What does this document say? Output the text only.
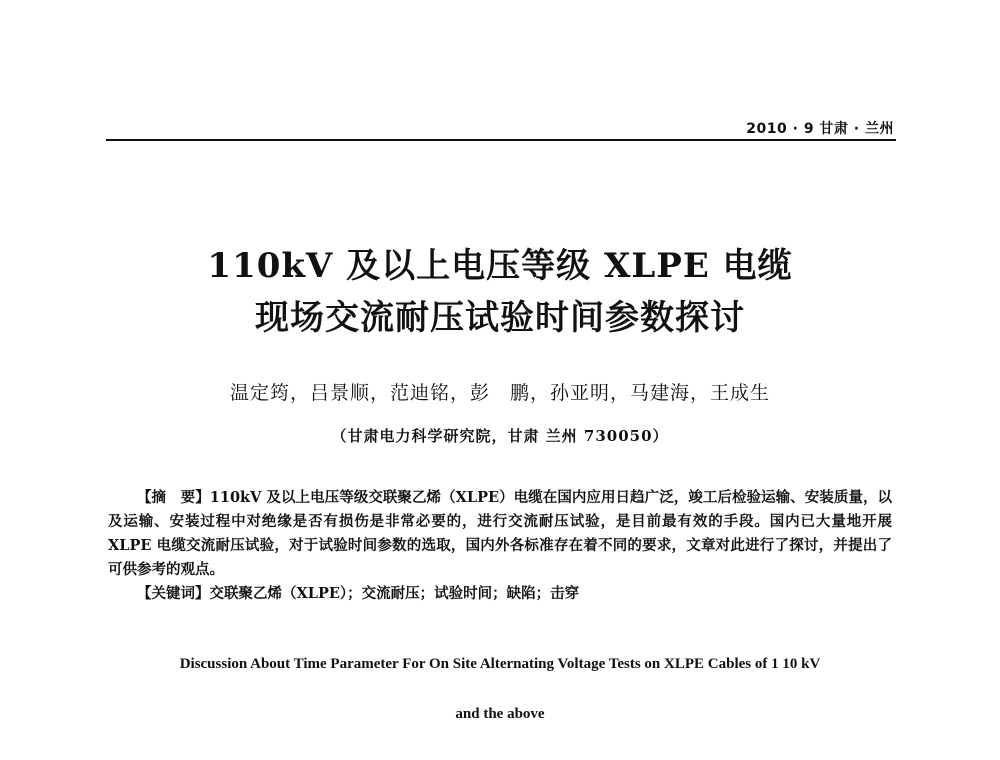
2010 · 9 甘肃 · 兰州
110kV 及以上电压等级 XLPE 电缆
现场交流耐压试验时间参数探讨
温定筠，吕景顺，范迪铭，彭　鹏，孙亚明，马建海，王成生
（甘肃电力科学研究院，甘肃 兰州 730050）

【摘　要】110kV 及以上电压等级交联聚乙烯（XLPE）电缆在国内应用日趋广泛，竣工后检验运输、安装质量，以及运输、安装过程中对绝缘是否有损伤是非常必要的，进行交流耐压试验，是目前最有效的手段。国内已大量地开展 XLPE 电缆交流耐压试验，对于试验时间参数的选取，国内外各标准存在着不同的要求，文章对此进行了探讨，并提出了可供参考的观点。

【关键词】交联聚乙烯（XLPE）；交流耐压；试验时间；缺陷；击穿

Discussion About Time Parameter For On Site Alternating Voltage Tests on XLPE Cables of 1 10 kV
and the above
